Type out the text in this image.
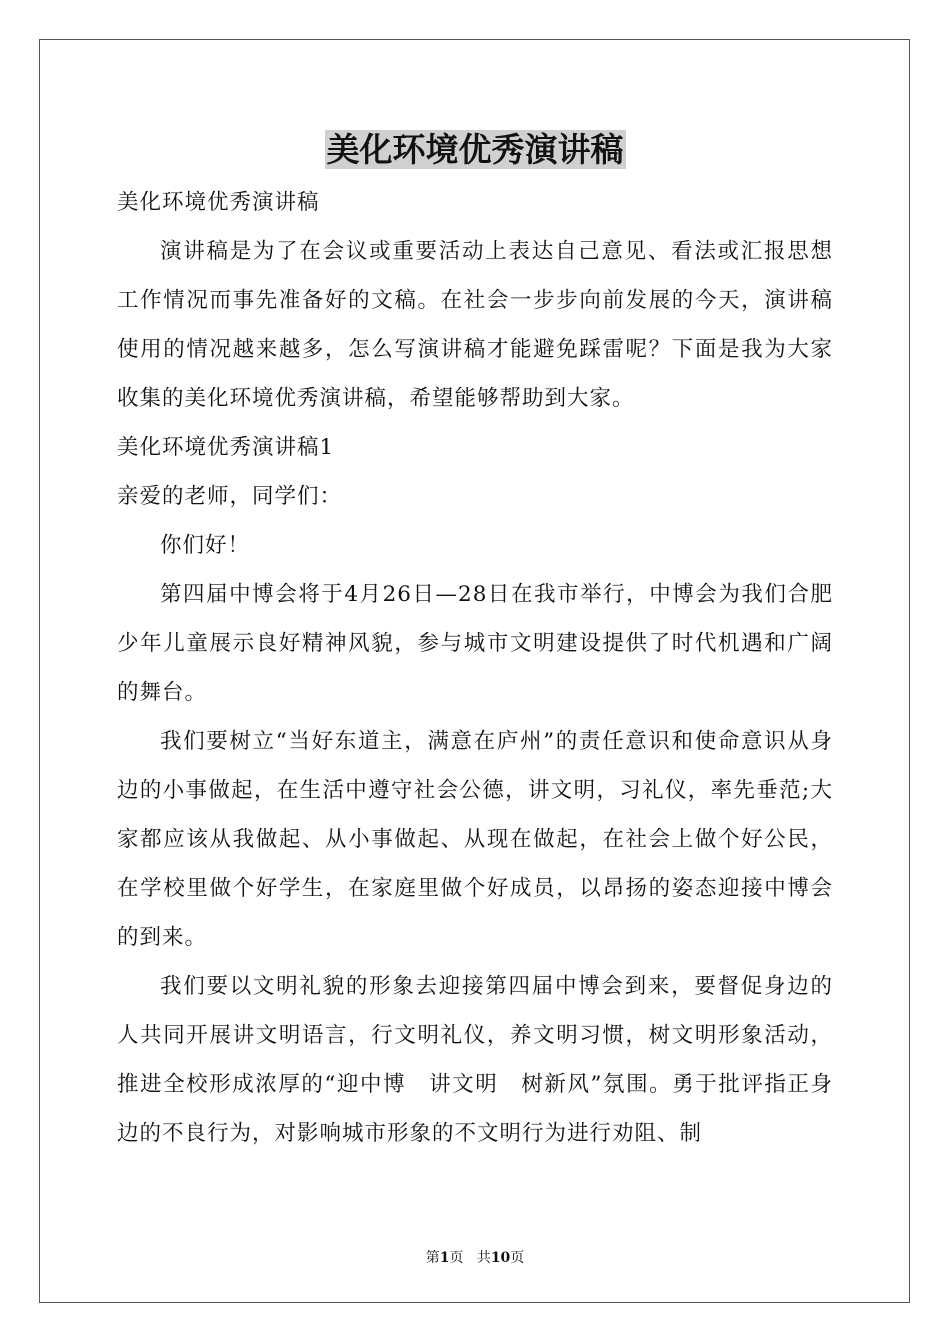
美化环境优秀演讲稿

美化环境优秀演讲稿

演讲稿是为了在会议或重要活动上表达自己意见、看法或汇报思想工作情况而事先准备好的文稿。在社会一步步向前发展的今天，演讲稿使用的情况越来越多，怎么写演讲稿才能避免踩雷呢？下面是我为大家收集的美化环境优秀演讲稿，希望能够帮助到大家。

美化环境优秀演讲稿1

亲爱的老师，同学们：

你们好！

第四届中博会将于4月26日—28日在我市举行，中博会为我们合肥少年儿童展示良好精神风貌，参与城市文明建设提供了时代机遇和广阔的舞台。

我们要树立“当好东道主，满意在庐州”的责任意识和使命意识从身边的小事做起，在生活中遵守社会公德，讲文明，习礼仪，率先垂范;大家都应该从我做起、从小事做起、从现在做起，在社会上做个好公民，在学校里做个好学生，在家庭里做个好成员，以昂扬的姿态迎接中博会的到来。

我们要以文明礼貌的形象去迎接第四届中博会到来，要督促身边的人共同开展讲文明语言，行文明礼仪，养文明习惯，树文明形象活动，推进全校形成浓厚的“迎中博　讲文明　树新风”氛围。勇于批评指正身边的不良行为，对影响城市形象的不文明行为进行劝阻、制

第1页 共10页
